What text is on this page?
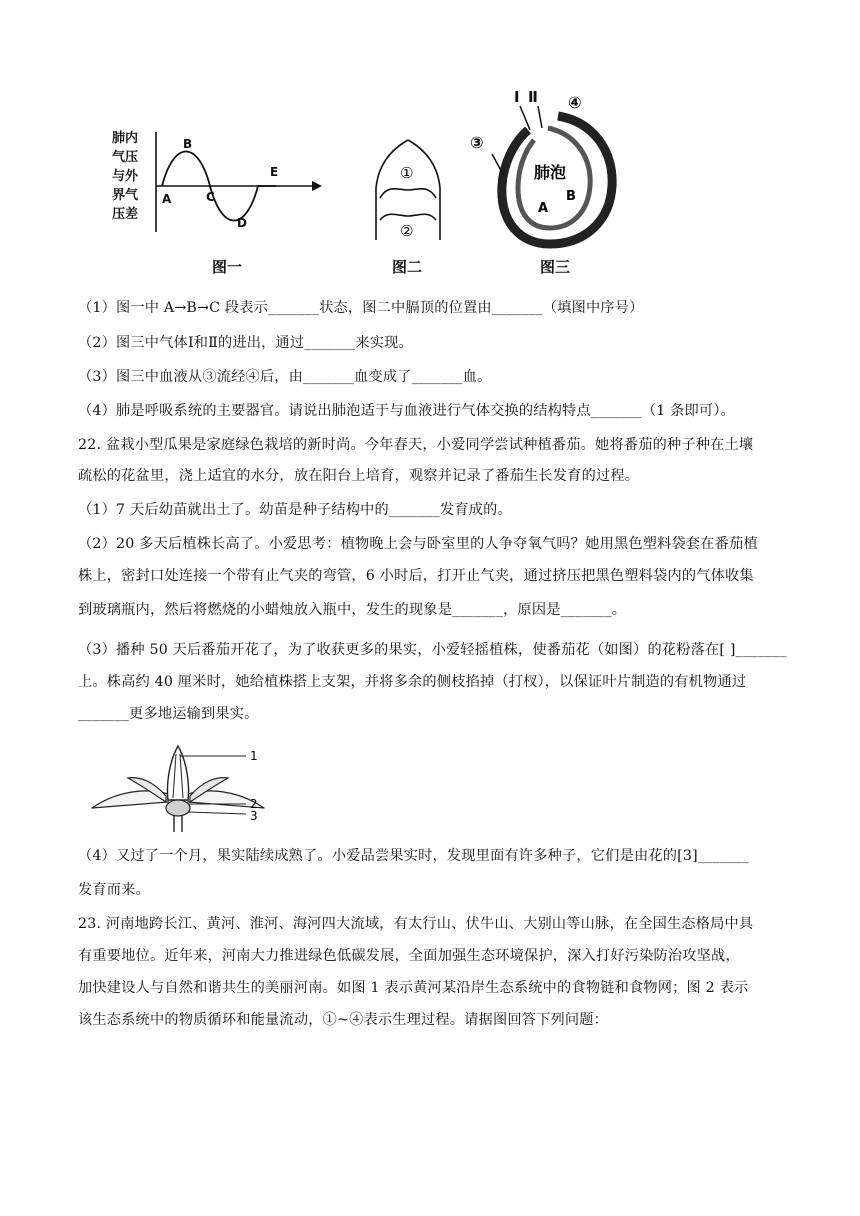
肺内
气压
与外
界气
压差
A
B
C
D
E
图一
①
②
图二
Ⅰ Ⅱ ④
③
肺泡
A
B
图三
（1）图一中 A→B→C 段表示_______状态，图二中膈顶的位置由_______（填图中序号）
（2）图三中气体Ⅰ和Ⅱ的进出，通过_______来实现。
（3）图三中血液从③流经④后，由_______血变成了_______血。
（4）肺是呼吸系统的主要器官。请说出肺泡适于与血液进行气体交换的结构特点_______（1 条即可）。
22. 盆栽小型瓜果是家庭绿色栽培的新时尚。今年春天，小爱同学尝试种植番茄。她将番茄的种子种在土壤
疏松的花盆里，浇上适宜的水分，放在阳台上培育，观察并记录了番茄生长发育的过程。
（1）7 天后幼苗就出土了。幼苗是种子结构中的_______发育成的。
（2）20 多天后植株长高了。小爱思考：植物晚上会与卧室里的人争夺氧气吗？她用黑色塑料袋套在番茄植
株上，密封口处连接一个带有止气夹的弯管，6 小时后，打开止气夹，通过挤压把黑色塑料袋内的气体收集
到玻璃瓶内，然后将燃烧的小蜡烛放入瓶中，发生的现象是_______，原因是_______。
（3）播种 50 天后番茄开花了，为了收获更多的果实，小爱轻摇植株，使番茄花（如图）的花粉落在[ ]_______
上。株高约 40 厘米时，她给植株搭上支架，并将多余的侧枝掐掉（打杈），以保证叶片制造的有机物通过
_______更多地运输到果实。
1
2
3
（4）又过了一个月，果实陆续成熟了。小爱品尝果实时，发现里面有许多种子，它们是由花的[3]_______
发育而来。
23. 河南地跨长江、黄河、淮河、海河四大流域，有太行山、伏牛山、大别山等山脉，在全国生态格局中具
有重要地位。近年来，河南大力推进绿色低碳发展，全面加强生态环境保护，深入打好污染防治攻坚战，
加快建设人与自然和谐共生的美丽河南。如图 1 表示黄河某沿岸生态系统中的食物链和食物网；图 2 表示
该生态系统中的物质循环和能量流动，①~④表示生理过程。请据图回答下列问题：
